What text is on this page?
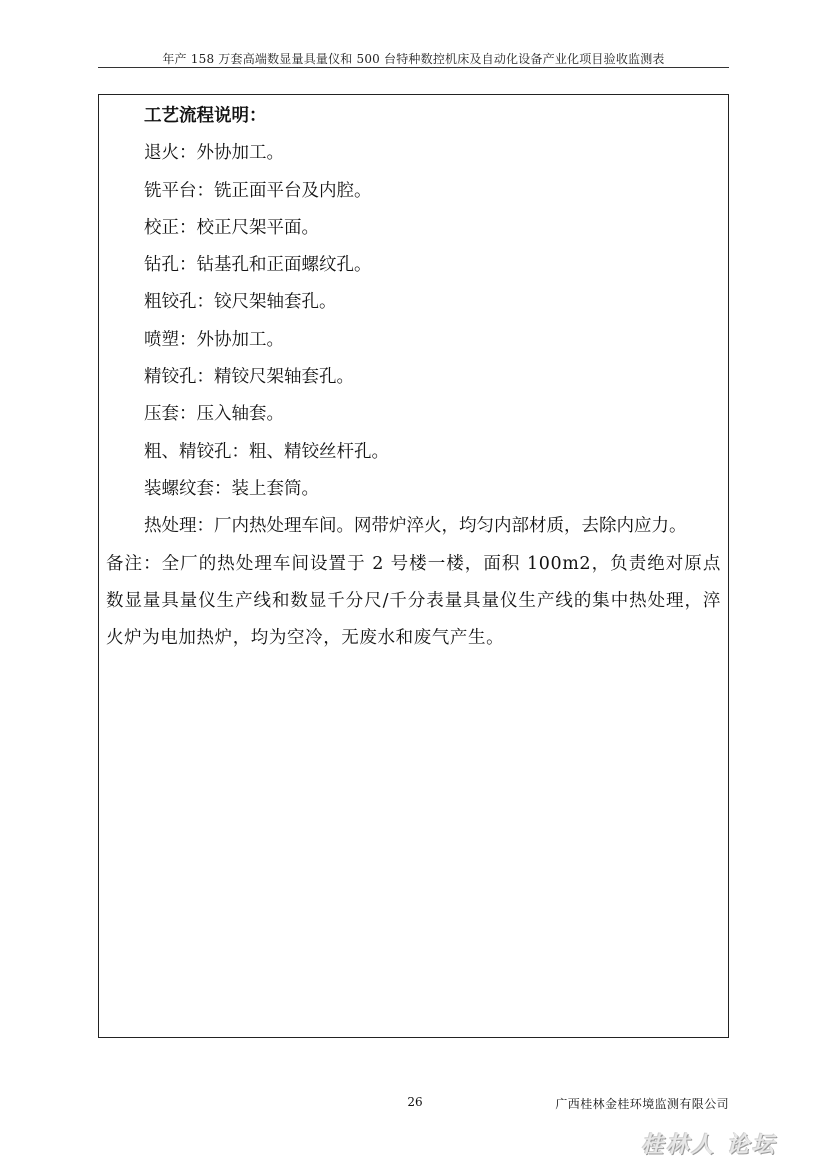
年产 158 万套高端数显量具量仪和 500 台特种数控机床及自动化设备产业化项目验收监测表

工艺流程说明：

退火：外协加工。

铣平台：铣正面平台及内腔。

校正：校正尺架平面。

钻孔：钻基孔和正面螺纹孔。

粗铰孔：铰尺架轴套孔。

喷塑：外协加工。

精铰孔：精铰尺架轴套孔。

压套：压入轴套。

粗、精铰孔：粗、精铰丝杆孔。

装螺纹套：装上套筒。

热处理：厂内热处理车间。网带炉淬火，均匀内部材质，去除内应力。

备注：全厂的热处理车间设置于 2 号楼一楼，面积 100m2，负责绝对原点数显量具量仪生产线和数显千分尺/千分表量具量仪生产线的集中热处理，淬火炉为电加热炉，均为空冷，无废水和废气产生。

26	广西桂林金桂环境监测有限公司
桂林人 论坛
